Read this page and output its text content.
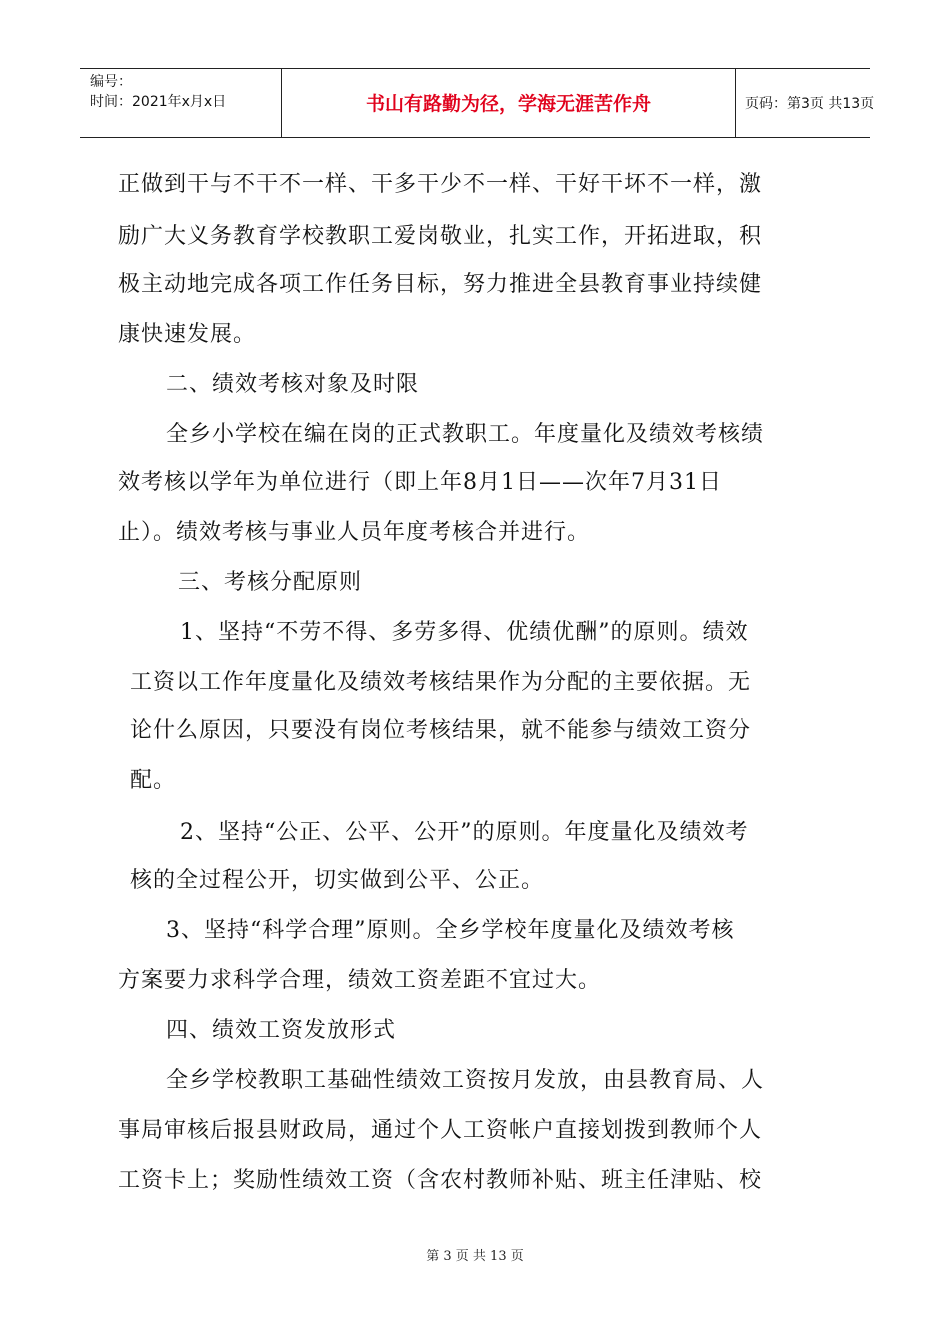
编号：
时间：2021年x月x日	书山有路勤为径，学海无涯苦作舟	页码：第3页 共13页
正做到干与不干不一样、干多干少不一样、干好干坏不一样，激
励广大义务教育学校教职工爱岗敬业，扎实工作，开拓进取，积
极主动地完成各项工作任务目标，努力推进全县教育事业持续健
康快速发展。
二、绩效考核对象及时限
全乡小学校在编在岗的正式教职工。年度量化及绩效考核绩
效考核以学年为单位进行（即上年8月1日——次年7月31日
止）。绩效考核与事业人员年度考核合并进行。
三、考核分配原则
1、坚持“不劳不得、多劳多得、优绩优酬”的原则。绩效
工资以工作年度量化及绩效考核结果作为分配的主要依据。无
论什么原因，只要没有岗位考核结果，就不能参与绩效工资分
配。
2、坚持“公正、公平、公开”的原则。年度量化及绩效考
核的全过程公开，切实做到公平、公正。
3、坚持“科学合理”原则。全乡学校年度量化及绩效考核
方案要力求科学合理，绩效工资差距不宜过大。
四、绩效工资发放形式
全乡学校教职工基础性绩效工资按月发放，由县教育局、人
事局审核后报县财政局，通过个人工资帐户直接划拨到教师个人
工资卡上；奖励性绩效工资（含农村教师补贴、班主任津贴、校
第 3 页 共 13 页
